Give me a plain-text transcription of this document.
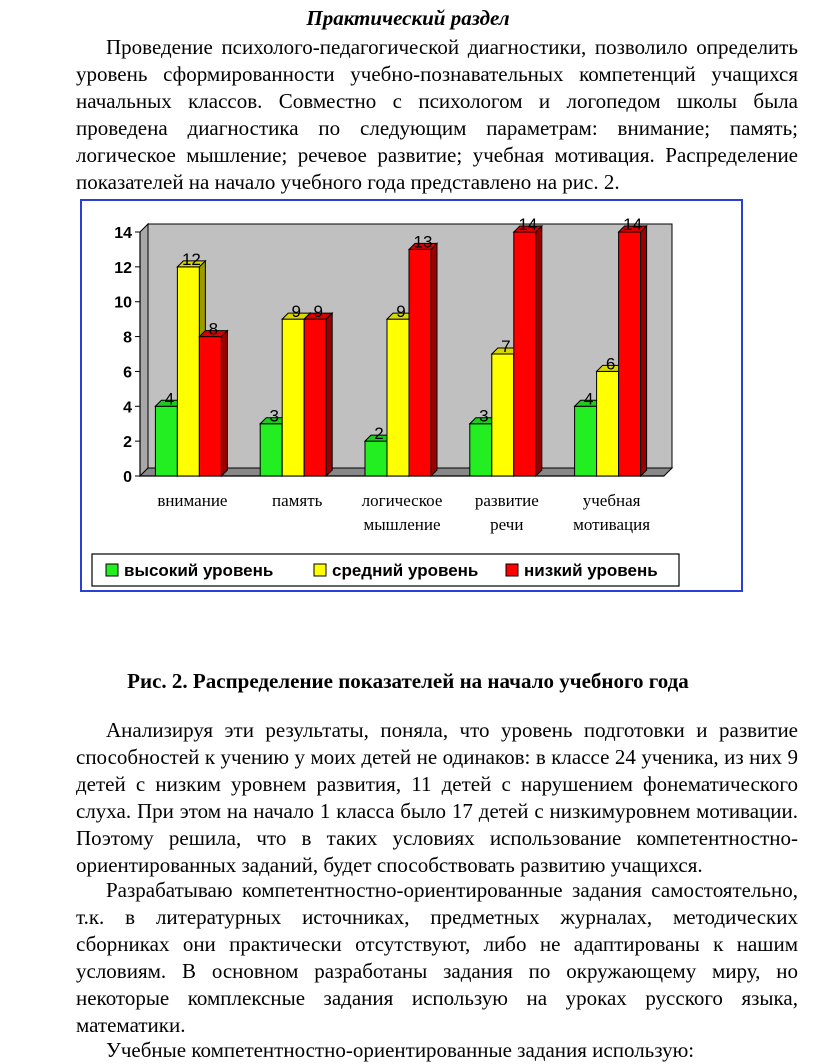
Практический раздел
Проведение психолого-педагогической диагностики, позволило определить уровень сформированности учебно-познавательных компетенций учащихся начальных классов. Совместно с психологом и логопедом школы была проведена диагностика по следующим параметрам: внимание; память; логическое мышление; речевое развитие; учебная мотивация. Распределение показателей на начало учебного года представлено на рис. 2.
0
2
4
6
8
10
12
14
4
12
8
внимание
3
9 9
память
2
9
13
логическое
мышление
3
7
14
развитие
речи
4
6
14
учебная
мотивация
высокий уровень	средний уровень	низкий уровень
Рис. 2. Распределение показателей на начало учебного года
Анализируя эти результаты, поняла, что уровень подготовки и развитие способностей к учению у моих детей не одинаков: в классе 24 ученика, из них 9 детей с низким уровнем развития, 11 детей с нарушением фонематического слуха. При этом на начало 1 класса было 17 детей с низкимуровнем мотивации. Поэтому решила, что в таких условиях использование компетентностно-ориентированных заданий, будет способствовать развитию учащихся.
Разрабатываю компетентностно-ориентированные задания самостоятельно, т.к. в литературных источниках, предметных журналах, методических сборниках они практически отсутствуют, либо не адаптированы к нашим условиям. В основном разработаны задания по окружающему миру, но некоторые комплексные задания использую на уроках русского языка, математики.
Учебные компетентностно-ориентированные задания использую:
